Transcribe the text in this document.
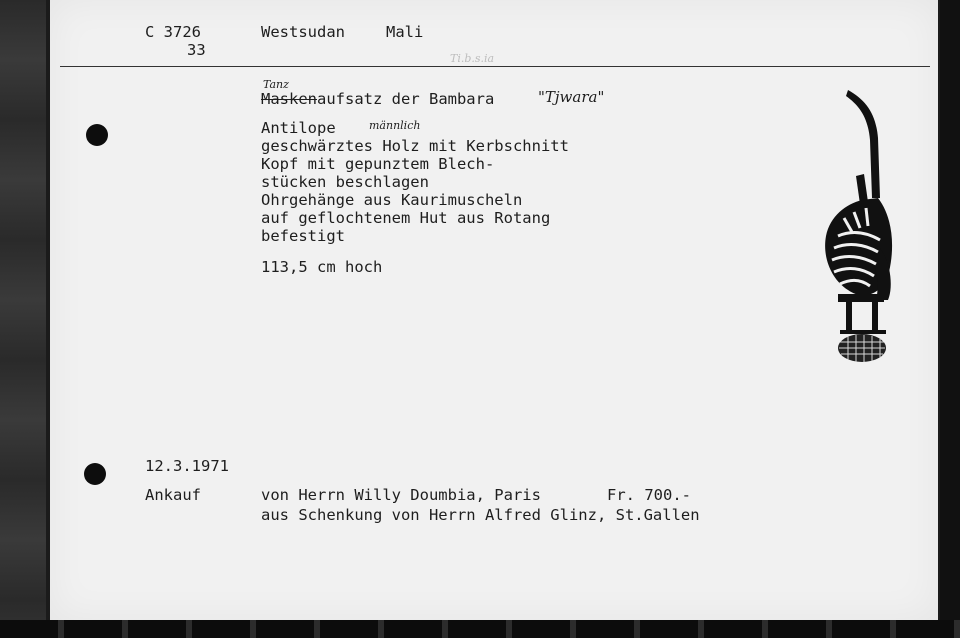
C 3726
33
Westsudan	Mali
Ti.b.s.ia
Tanz
Maskenaufsatz der Bambara	"Tjwara"
Antilope	männlich
geschwärztes Holz mit Kerbschnitt
Kopf mit gepunztem Blech-
stücken beschlagen
Ohrgehänge aus Kaurimuscheln
auf geflochtenem Hut aus Rotang
befestigt
113,5 cm hoch
12.3.1971
Ankauf	von Herrn Willy Doumbia, Paris	Fr. 700.-
aus Schenkung von Herrn Alfred Glinz, St.Gallen
